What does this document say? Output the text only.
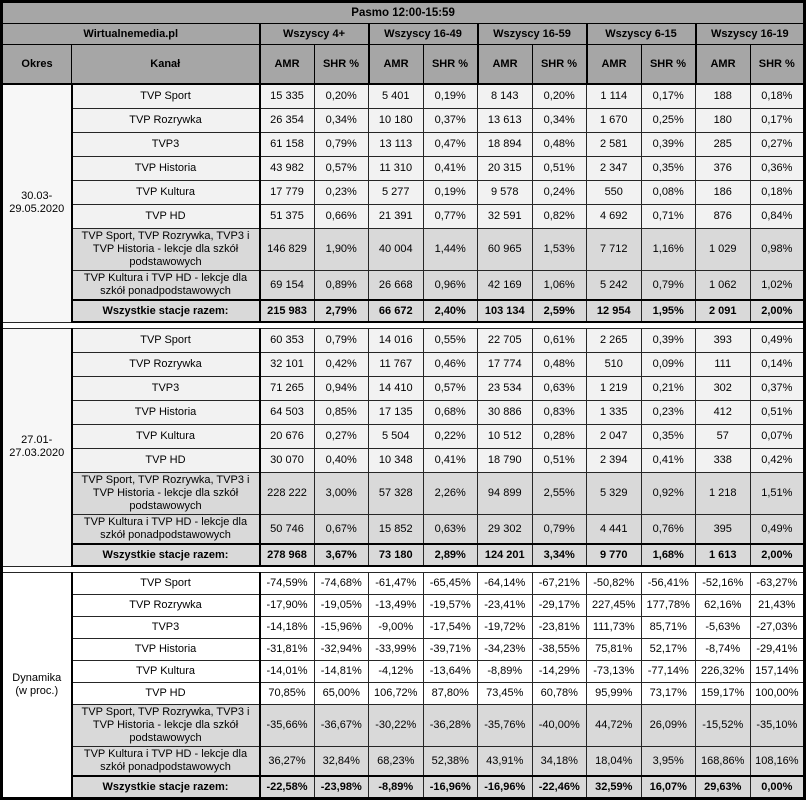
Pasmo 12:00-15:59											
Wirtualnemedia.pl		Wszyscy 4+		Wszyscy 16-49		Wszyscy 16-59		Wszyscy 6-15		Wszyscy 16-19	
Okres	Kanał	AMR	SHR %	AMR	SHR %	AMR	SHR %	AMR	SHR %	AMR	SHR %

30.03-
29.05.2020	TVP Sport	15 335	0,20%	5 401	0,19%	8 143	0,20%	1 114	0,17%	188	0,18%
	TVP Rozrywka	26 354	0,34%	10 180	0,37%	13 613	0,34%	1 670	0,25%	180	0,17%
	TVP3	61 158	0,79%	13 113	0,47%	18 894	0,48%	2 581	0,39%	285	0,27%
	TVP Historia	43 982	0,57%	11 310	0,41%	20 315	0,51%	2 347	0,35%	376	0,36%
	TVP Kultura	17 779	0,23%	5 277	0,19%	9 578	0,24%	550	0,08%	186	0,18%
	TVP HD	51 375	0,66%	21 391	0,77%	32 591	0,82%	4 692	0,71%	876	0,84%
	TVP Sport, TVP Rozrywka, TVP3 i TVP Historia - lekcje dla szkół podstawowych	146 829	1,90%	40 004	1,44%	60 965	1,53%	7 712	1,16%	1 029	0,98%
	TVP Kultura i TVP HD - lekcje dla szkół ponadpodstawowych	69 154	0,89%	26 668	0,96%	42 169	1,06%	5 242	0,79%	1 062	1,02%
	Wszystkie stacje razem:	215 983	2,79%	66 672	2,40%	103 134	2,59%	12 954	1,95%	2 091	2,00%

27.01-
27.03.2020	TVP Sport	60 353	0,79%	14 016	0,55%	22 705	0,61%	2 265	0,39%	393	0,49%
	TVP Rozrywka	32 101	0,42%	11 767	0,46%	17 774	0,48%	510	0,09%	111	0,14%
	TVP3	71 265	0,94%	14 410	0,57%	23 534	0,63%	1 219	0,21%	302	0,37%
	TVP Historia	64 503	0,85%	17 135	0,68%	30 886	0,83%	1 335	0,23%	412	0,51%
	TVP Kultura	20 676	0,27%	5 504	0,22%	10 512	0,28%	2 047	0,35%	57	0,07%
	TVP HD	30 070	0,40%	10 348	0,41%	18 790	0,51%	2 394	0,41%	338	0,42%
	TVP Sport, TVP Rozrywka, TVP3 i TVP Historia - lekcje dla szkół podstawowych	228 222	3,00%	57 328	2,26%	94 899	2,55%	5 329	0,92%	1 218	1,51%
	TVP Kultura i TVP HD - lekcje dla szkół ponadpodstawowych	50 746	0,67%	15 852	0,63%	29 302	0,79%	4 441	0,76%	395	0,49%
	Wszystkie stacje razem:	278 968	3,67%	73 180	2,89%	124 201	3,34%	9 770	1,68%	1 613	2,00%

Dynamika
(w proc.)	TVP Sport	-74,59%	-74,68%	-61,47%	-65,45%	-64,14%	-67,21%	-50,82%	-56,41%	-52,16%	-63,27%
	TVP Rozrywka	-17,90%	-19,05%	-13,49%	-19,57%	-23,41%	-29,17%	227,45%	177,78%	62,16%	21,43%
	TVP3	-14,18%	-15,96%	-9,00%	-17,54%	-19,72%	-23,81%	111,73%	85,71%	-5,63%	-27,03%
	TVP Historia	-31,81%	-32,94%	-33,99%	-39,71%	-34,23%	-38,55%	75,81%	52,17%	-8,74%	-29,41%
	TVP Kultura	-14,01%	-14,81%	-4,12%	-13,64%	-8,89%	-14,29%	-73,13%	-77,14%	226,32%	157,14%
	TVP HD	70,85%	65,00%	106,72%	87,80%	73,45%	60,78%	95,99%	73,17%	159,17%	100,00%
	TVP Sport, TVP Rozrywka, TVP3 i TVP Historia - lekcje dla szkół podstawowych	-35,66%	-36,67%	-30,22%	-36,28%	-35,76%	-40,00%	44,72%	26,09%	-15,52%	-35,10%
	TVP Kultura i TVP HD - lekcje dla szkół ponadpodstawowych	36,27%	32,84%	68,23%	52,38%	43,91%	34,18%	18,04%	3,95%	168,86%	108,16%
	Wszystkie stacje razem:	-22,58%	-23,98%	-8,89%	-16,96%	-16,96%	-22,46%	32,59%	16,07%	29,63%	0,00%
